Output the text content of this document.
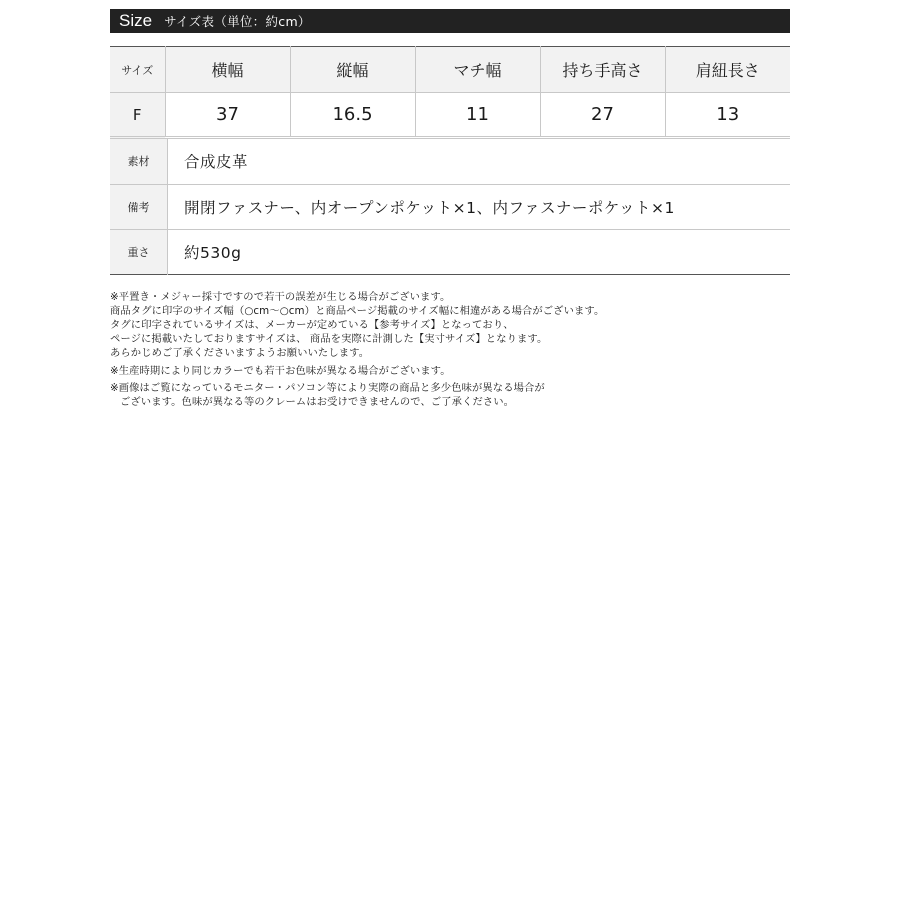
Size サイズ表（単位：約cm）
サイズ	横幅	縦幅	マチ幅	持ち手高さ	肩紐長さ
F	37	16.5	11	27	13
素材	合成皮革
備考	開閉ファスナー、内オープンポケット×1、内ファスナーポケット×1
重さ	約530g

※平置き・メジャー採寸ですので若干の誤差が生じる場合がございます。

商品タグに印字のサイズ幅（○cm～○cm）と商品ページ掲載のサイズ幅に相違がある場合がございます。

タグに印字されているサイズは、メーカーが定めている【参考サイズ】となっており、

ページに掲載いたしておりますサイズは、 商品を実際に計測した【実寸サイズ】となります。

あらかじめご了承くださいますようお願いいたします。

※生産時期により同じカラーでも若干お色味が異なる場合がございます。

※画像はご覧になっているモニター・パソコン等により実際の商品と多少色味が異なる場合が

ございます。色味が異なる等のクレームはお受けできませんので、ご了承ください。
